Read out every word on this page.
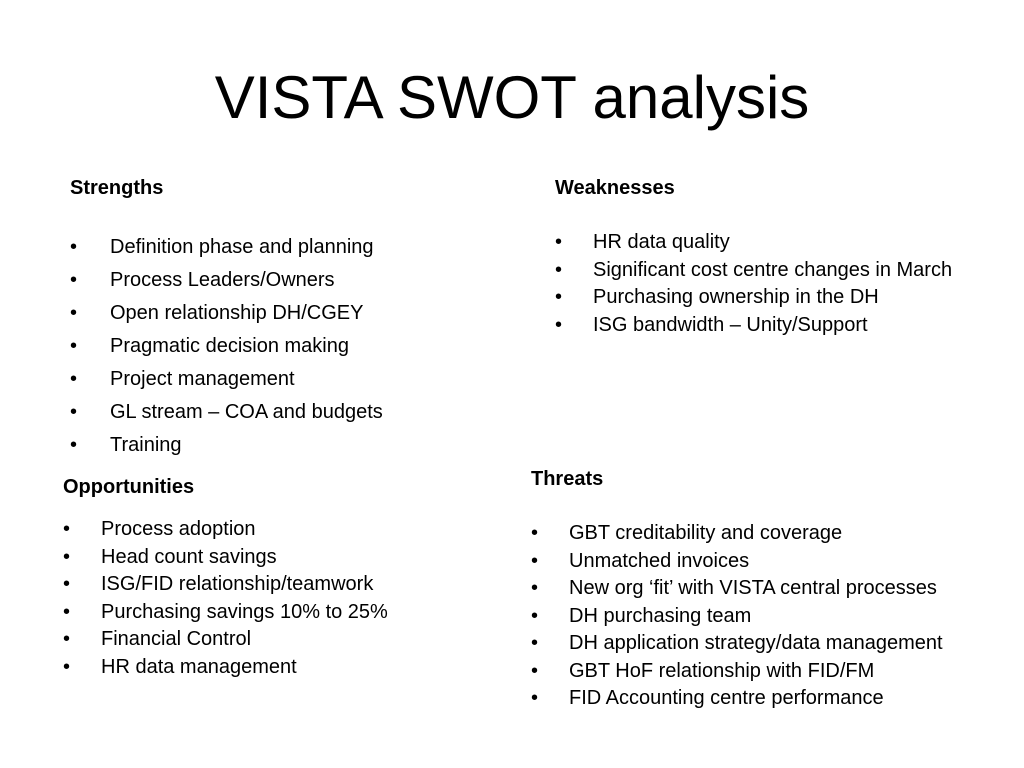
VISTA SWOT analysis
Strengths
• Definition phase and planning
• Process Leaders/Owners
• Open relationship DH/CGEY
• Pragmatic decision making
• Project management
• GL stream – COA and budgets
• Training
Weaknesses
• HR data quality
• Significant cost centre changes in March
• Purchasing ownership in the DH
• ISG bandwidth – Unity/Support
Opportunities
• Process adoption
• Head count savings
• ISG/FID relationship/teamwork
• Purchasing savings 10% to 25%
• Financial Control
• HR data management
Threats
• GBT creditability and coverage
• Unmatched invoices
• New org ‘fit’ with VISTA central processes
• DH purchasing team
• DH application strategy/data management
• GBT HoF relationship with FID/FM
• FID Accounting centre performance
